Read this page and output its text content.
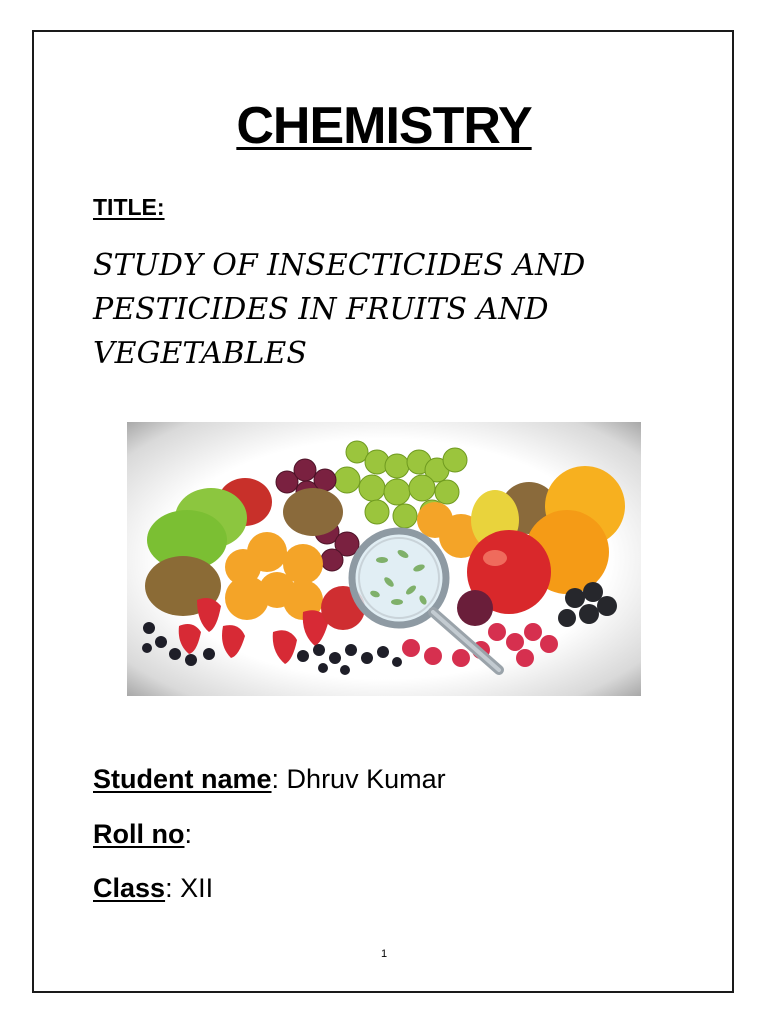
CHEMISTRY
TITLE:
STUDY OF INSECTICIDES AND PESTICIDES IN FRUITS AND VEGETABLES
Student name: Dhruv Kumar
Roll no:
Class: XII
1
